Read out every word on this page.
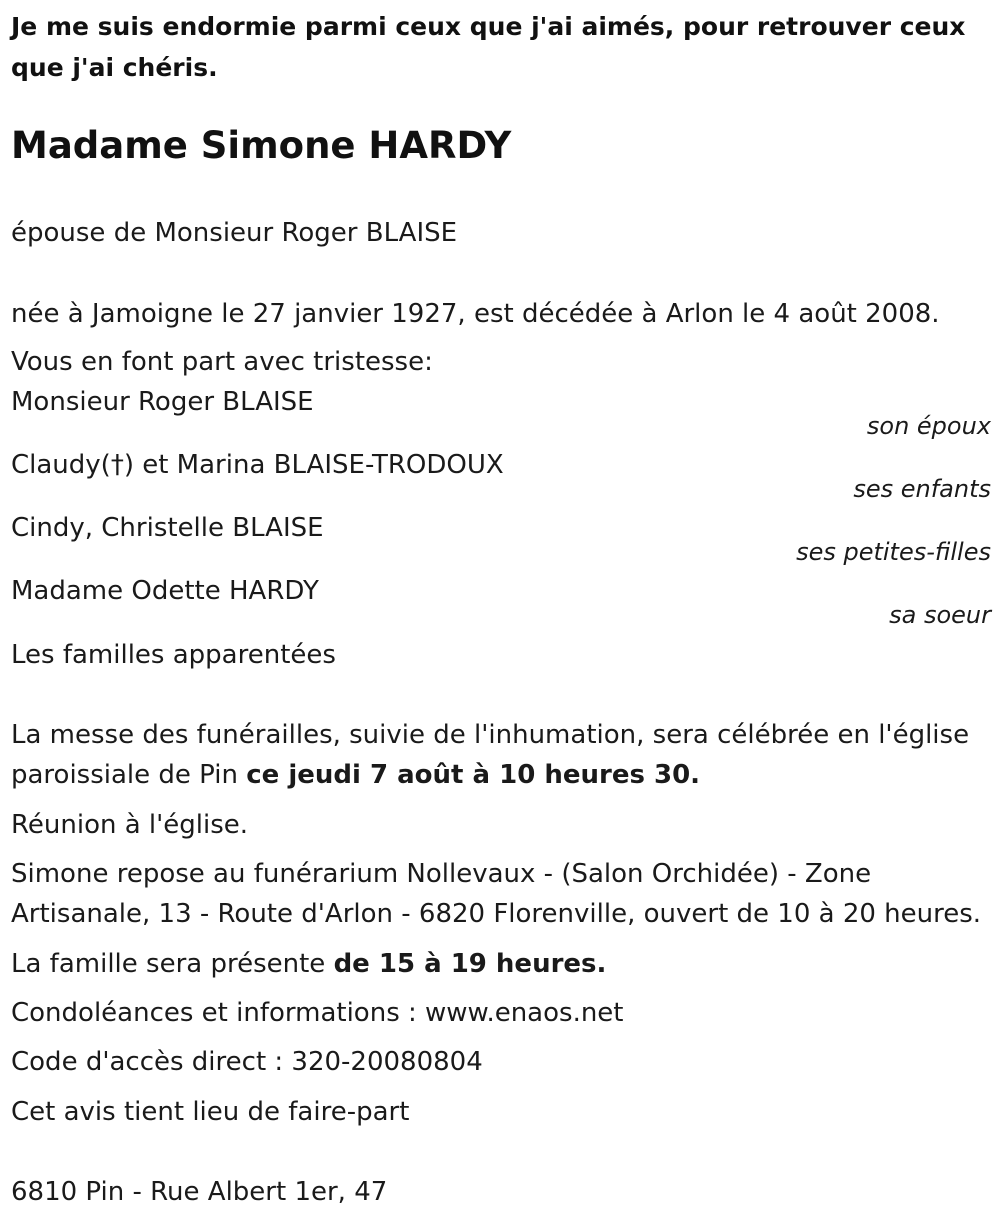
Je me suis endormie parmi ceux que j'ai aimés, pour retrouver ceux que j'ai chéris.
Madame Simone HARDY
épouse de Monsieur Roger BLAISE
née à Jamoigne le 27 janvier 1927, est décédée à Arlon le 4 août 2008.
Vous en font part avec tristesse:
Monsieur Roger BLAISE
son époux
Claudy(†) et Marina BLAISE-TRODOUX
ses enfants
Cindy, Christelle BLAISE
ses petites-filles
Madame Odette HARDY
sa soeur
Les familles apparentées
La messe des funérailles, suivie de l'inhumation, sera célébrée en l'église paroissiale de Pin ce jeudi 7 août à 10 heures 30.
Réunion à l'église.
Simone repose au funérarium Nollevaux - (Salon Orchidée) - Zone Artisanale, 13 - Route d'Arlon - 6820 Florenville, ouvert de 10 à 20 heures.
La famille sera présente de 15 à 19 heures.
Condoléances et informations : www.enaos.net
Code d'accès direct : 320-20080804
Cet avis tient lieu de faire-part
6810 Pin - Rue Albert 1er, 47
